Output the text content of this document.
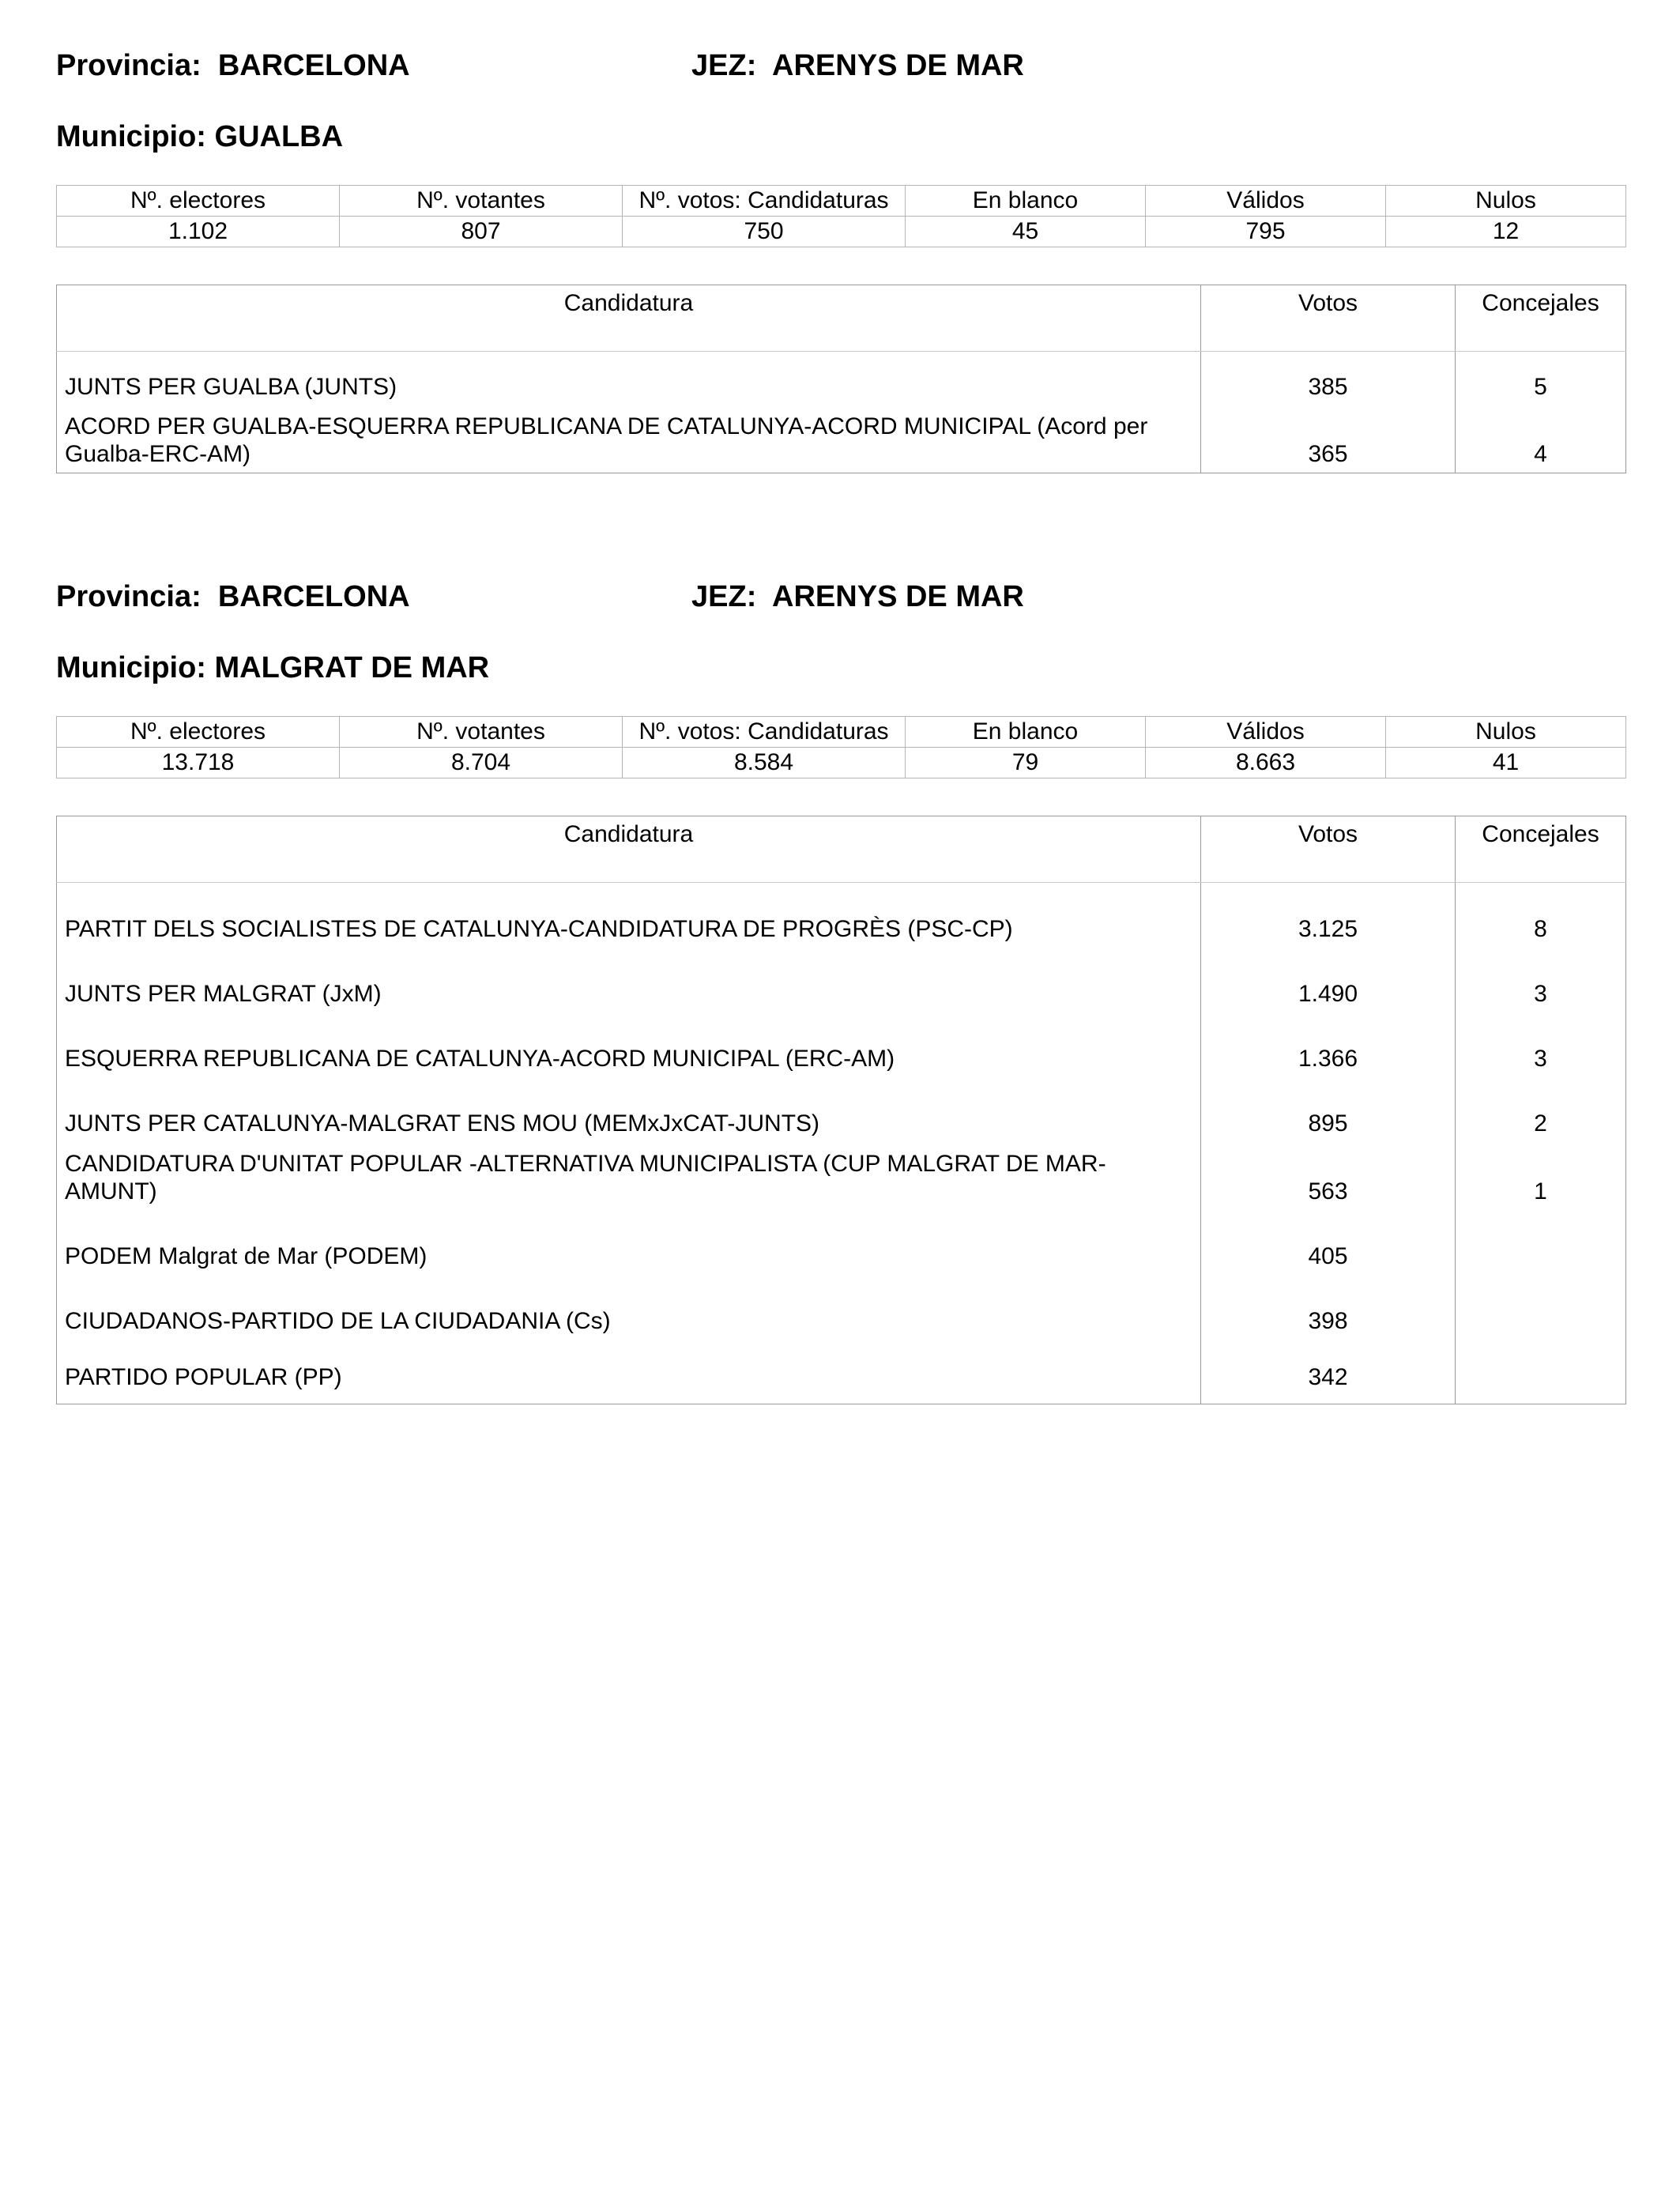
Provincia:  BARCELONA	JEZ:  ARENYS DE MAR
Municipio: GUALBA
Nº. electores	Nº. votantes	Nº. votos: Candidaturas	En blanco	Válidos	Nulos
1.102	807	750	45	795	12
Candidatura	Votos	Concejales
JUNTS PER GUALBA (JUNTS)	385	5
ACORD PER GUALBA-ESQUERRA REPUBLICANA DE CATALUNYA-ACORD MUNICIPAL (Acord per Gualba-ERC-AM)	365	4
Provincia:  BARCELONA	JEZ:  ARENYS DE MAR
Municipio: MALGRAT DE MAR
Nº. electores	Nº. votantes	Nº. votos: Candidaturas	En blanco	Válidos	Nulos
13.718	8.704	8.584	79	8.663	41
Candidatura	Votos	Concejales
PARTIT DELS SOCIALISTES DE CATALUNYA-CANDIDATURA DE PROGRÈS (PSC-CP)	3.125	8
JUNTS PER MALGRAT (JxM)	1.490	3
ESQUERRA REPUBLICANA DE CATALUNYA-ACORD MUNICIPAL (ERC-AM)	1.366	3
JUNTS PER CATALUNYA-MALGRAT ENS MOU (MEMxJxCAT-JUNTS)	895	2
CANDIDATURA D'UNITAT POPULAR -ALTERNATIVA MUNICIPALISTA (CUP MALGRAT DE MAR-AMUNT)	563	1
PODEM Malgrat de Mar (PODEM)	405	
CIUDADANOS-PARTIDO DE LA CIUDADANIA (Cs)	398	
PARTIDO POPULAR (PP)	342	
